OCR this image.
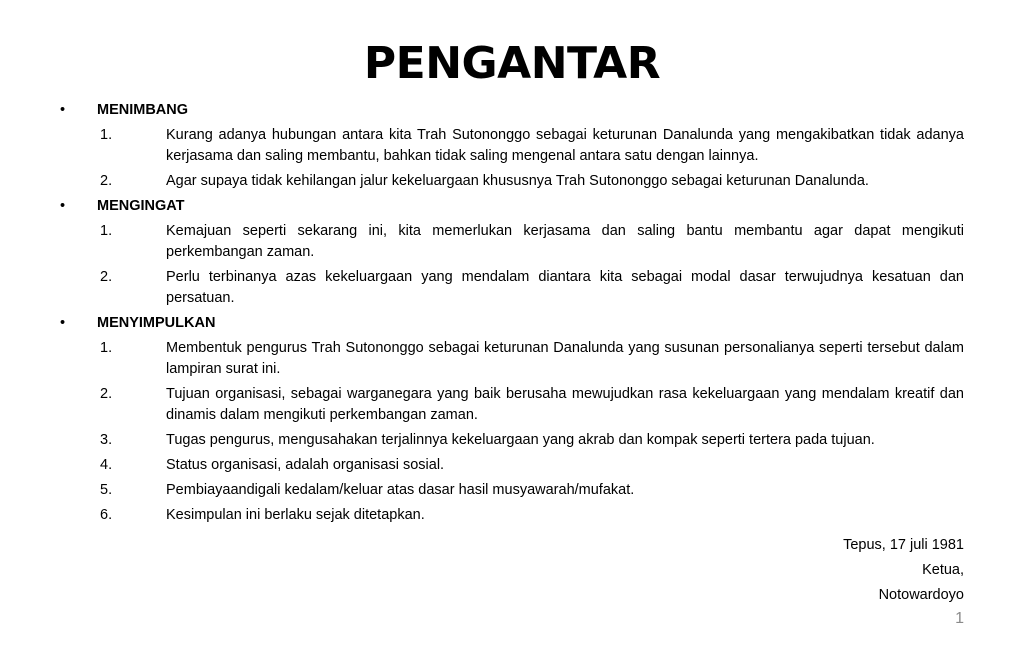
PENGANTAR
•	MENIMBANG
1.	Kurang adanya hubungan antara kita Trah Sutononggo sebagai keturunan Danalunda yang mengakibatkan tidak adanya kerjasama dan saling membantu, bahkan tidak saling mengenal antara satu dengan lainnya.
2.	Agar supaya tidak kehilangan jalur kekeluargaan khususnya Trah Sutononggo sebagai keturunan Danalunda.
•	MENGINGAT
1.	Kemajuan seperti sekarang ini, kita memerlukan kerjasama dan saling bantu membantu agar dapat mengikuti perkembangan zaman.
2.	Perlu terbinanya azas kekeluargaan yang mendalam diantara kita sebagai modal dasar terwujudnya kesatuan dan persatuan.
•	MENYIMPULKAN
1.	Membentuk pengurus Trah Sutononggo sebagai keturunan Danalunda yang susunan personalianya seperti tersebut dalam lampiran surat ini.
2.	Tujuan organisasi, sebagai warganegara yang baik berusaha mewujudkan rasa kekeluargaan yang mendalam kreatif dan dinamis dalam mengikuti perkembangan zaman.
3.	Tugas pengurus, mengusahakan terjalinnya kekeluargaan yang akrab dan kompak seperti tertera pada tujuan.
4.	Status organisasi, adalah organisasi sosial.
5.	Pembiayaandigali kedalam/keluar atas dasar hasil musyawarah/mufakat.
6.	Kesimpulan ini berlaku sejak ditetapkan.
Tepus, 17 juli 1981
Ketua,
Notowardoyo
1
